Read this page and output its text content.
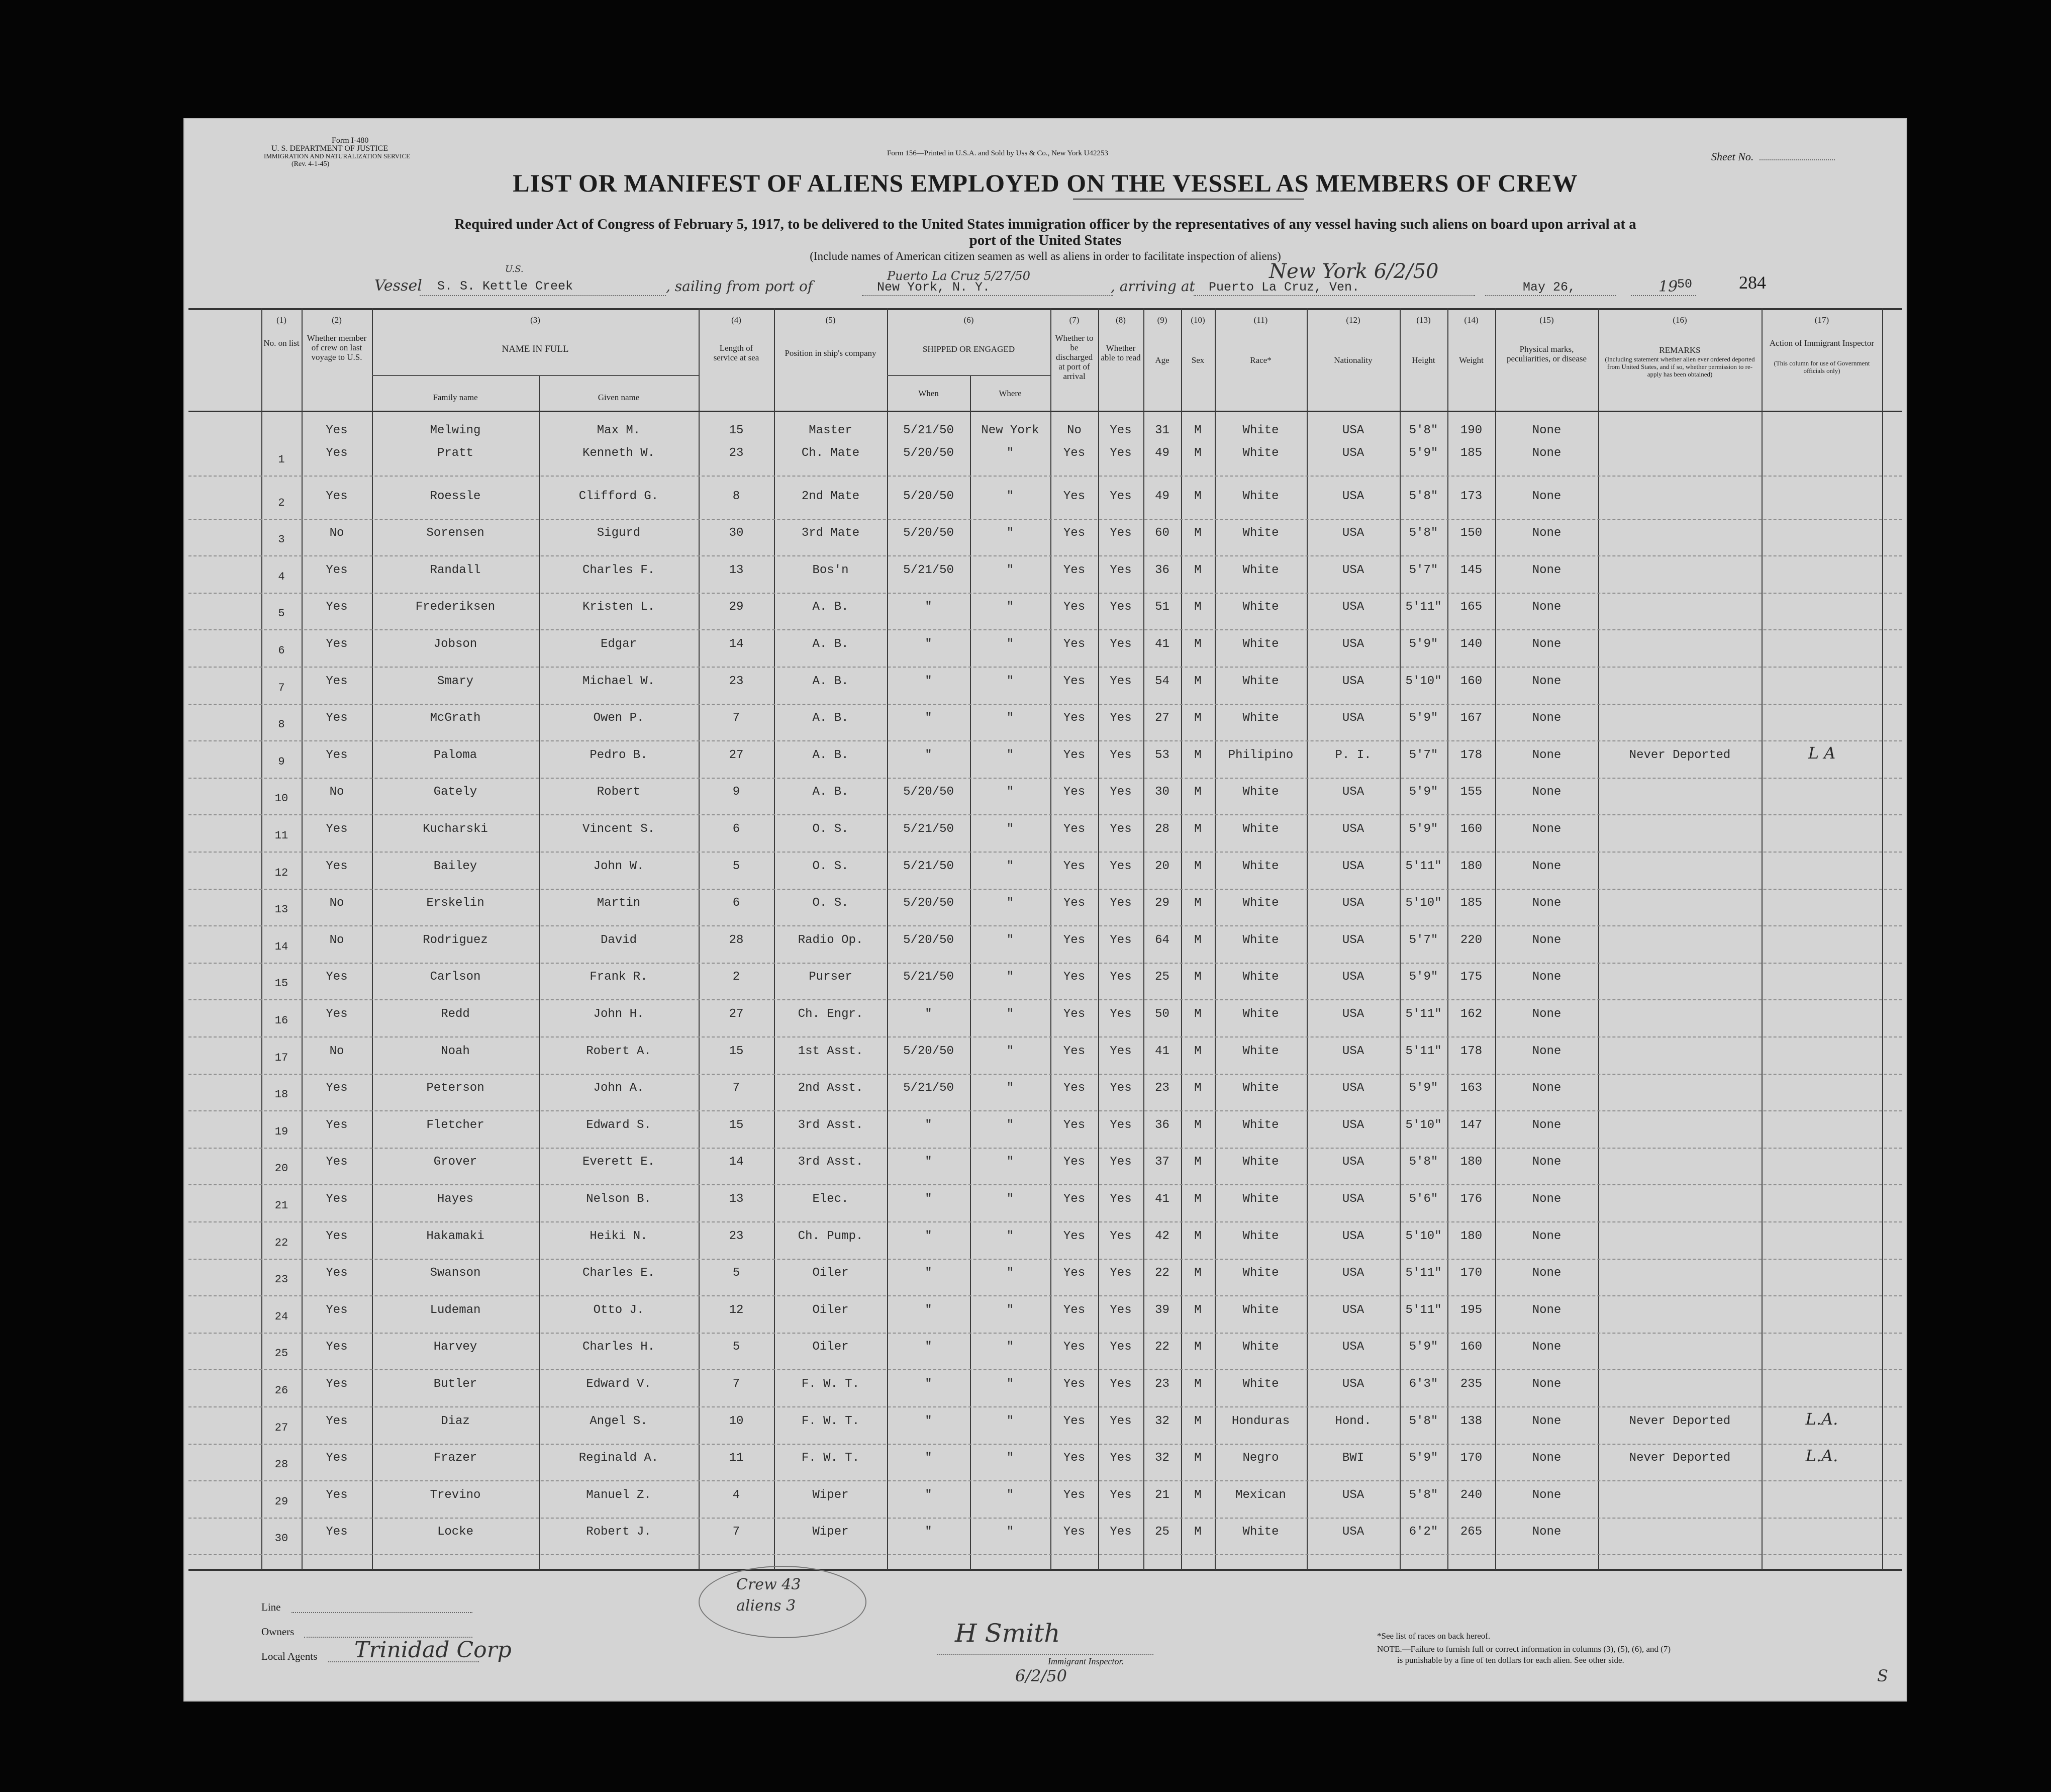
Form I-480
U. S. DEPARTMENT OF JUSTICE
IMMIGRATION AND NATURALIZATION SERVICE
(Rev. 4-1-45)
Form 156—Printed in U.S.A. and Sold by Uss & Co., New York U42253	Sheet No.
LIST OR MANIFEST OF ALIENS EMPLOYED ON THE VESSEL AS MEMBERS OF CREW
Required under Act of Congress of February 5, 1917, to be delivered to the United States immigration officer by the representatives of any vessel having such aliens on board upon arrival at a
port of the United States
(Include names of American citizen seamen as well as aliens in order to facilitate inspection of aliens)
Vessel
U.S.
S. S. Kettle Creek	, sailing from port of
Puerto La Cruz 5/27/50
New York, N. Y.	, arriving at Puerto La Cruz, Ven.
New York 6/2/50
May 26,	19
50	284
(1)
No. on list
(2)
Whether member of crew on last voyage to U.S.
(3)
NAME IN FULL
Family name	Given name
(4)
Length of service at sea
(5)
Position in ship's company
(6)
SHIPPED OR ENGAGED
When	Where
(7)
Whether to be discharged at port of arrival
(8)
Whether able to read
(9)
Age
(10)
Sex
(11)
Race*
(12)
Nationality
(13)
Height
(14)
Weight
(15)
Physical marks, peculiarities, or disease
(16)
REMARKS
(Including statement whether alien ever ordered deported from United States, and if so, whether permission to re-apply has been obtained)
(17)
Action of Immigrant Inspector
(This column for use of Government officials only)
Yes	Melwing	Max M.	15	Master	5/21/50	New York	No	Yes	31	M	White	USA	5'8"	190	None
1	Yes	Pratt	Kenneth W.	23	Ch. Mate	5/20/50	"	Yes	Yes	49	M	White	USA	5'9"	185	None
2	Yes	Roessle	Clifford G.	8	2nd Mate	5/20/50	"	Yes	Yes	49	M	White	USA	5'8"	173	None
3	No	Sorensen	Sigurd	30	3rd Mate	5/20/50	"	Yes	Yes	60	M	White	USA	5'8"	150	None
4	Yes	Randall	Charles F.	13	Bos'n	5/21/50	"	Yes	Yes	36	M	White	USA	5'7"	145	None
5	Yes	Frederiksen	Kristen L.	29	A. B.	"	"	Yes	Yes	51	M	White	USA	5'11"	165	None
6	Yes	Jobson	Edgar	14	A. B.	"	"	Yes	Yes	41	M	White	USA	5'9"	140	None
7	Yes	Smary	Michael W.	23	A. B.	"	"	Yes	Yes	54	M	White	USA	5'10"	160	None
8	Yes	McGrath	Owen P.	7	A. B.	"	"	Yes	Yes	27	M	White	USA	5'9"	167	None
9	Yes	Paloma	Pedro B.	27	A. B.	"	"	Yes	Yes	53	M	Philipino	P. I.	5'7"	178	None	Never Deported	L A
10	No	Gately	Robert	9	A. B.	5/20/50	"	Yes	Yes	30	M	White	USA	5'9"	155	None
11	Yes	Kucharski	Vincent S.	6	O. S.	5/21/50	"	Yes	Yes	28	M	White	USA	5'9"	160	None
12	Yes	Bailey	John W.	5	O. S.	5/21/50	"	Yes	Yes	20	M	White	USA	5'11"	180	None
13	No	Erskelin	Martin	6	O. S.	5/20/50	"	Yes	Yes	29	M	White	USA	5'10"	185	None
14	No	Rodriguez	David	28	Radio Op.	5/20/50	"	Yes	Yes	64	M	White	USA	5'7"	220	None
15	Yes	Carlson	Frank R.	2	Purser	5/21/50	"	Yes	Yes	25	M	White	USA	5'9"	175	None
16	Yes	Redd	John H.	27	Ch. Engr.	"	"	Yes	Yes	50	M	White	USA	5'11"	162	None
17	No	Noah	Robert A.	15	1st Asst.	5/20/50	"	Yes	Yes	41	M	White	USA	5'11"	178	None
18	Yes	Peterson	John A.	7	2nd Asst.	5/21/50	"	Yes	Yes	23	M	White	USA	5'9"	163	None
19	Yes	Fletcher	Edward S.	15	3rd Asst.	"	"	Yes	Yes	36	M	White	USA	5'10"	147	None
20	Yes	Grover	Everett E.	14	3rd Asst.	"	"	Yes	Yes	37	M	White	USA	5'8"	180	None
21	Yes	Hayes	Nelson B.	13	Elec.	"	"	Yes	Yes	41	M	White	USA	5'6"	176	None
22	Yes	Hakamaki	Heiki N.	23	Ch. Pump.	"	"	Yes	Yes	42	M	White	USA	5'10"	180	None
23	Yes	Swanson	Charles E.	5	Oiler	"	"	Yes	Yes	22	M	White	USA	5'11"	170	None
24	Yes	Ludeman	Otto J.	12	Oiler	"	"	Yes	Yes	39	M	White	USA	5'11"	195	None
25	Yes	Harvey	Charles H.	5	Oiler	"	"	Yes	Yes	22	M	White	USA	5'9"	160	None
26	Yes	Butler	Edward V.	7	F. W. T.	"	"	Yes	Yes	23	M	White	USA	6'3"	235	None
27	Yes	Diaz	Angel S.	10	F. W. T.	"	"	Yes	Yes	32	M	Honduras	Hond.	5'8"	138	None	Never Deported	L.A.
28	Yes	Frazer	Reginald A.	11	F. W. T.	"	"	Yes	Yes	32	M	Negro	BWI	5'9"	170	None	Never Deported	L.A.
29	Yes	Trevino	Manuel Z.	4	Wiper	"	"	Yes	Yes	21	M	Mexican	USA	5'8"	240	None
30	Yes	Locke	Robert J.	7	Wiper	"	"	Yes	Yes	25	M	White	USA	6'2"	265	None
Line
Owners
Local Agents Trinidad Corp
Crew 43
aliens 3
H Smith
Immigrant Inspector.
6/2/50
*See list of races on back hereof.
NOTE.—Failure to furnish full or correct information in columns (3), (5), (6), and (7)
is punishable by a fine of ten dollars for each alien. See other side.
S
